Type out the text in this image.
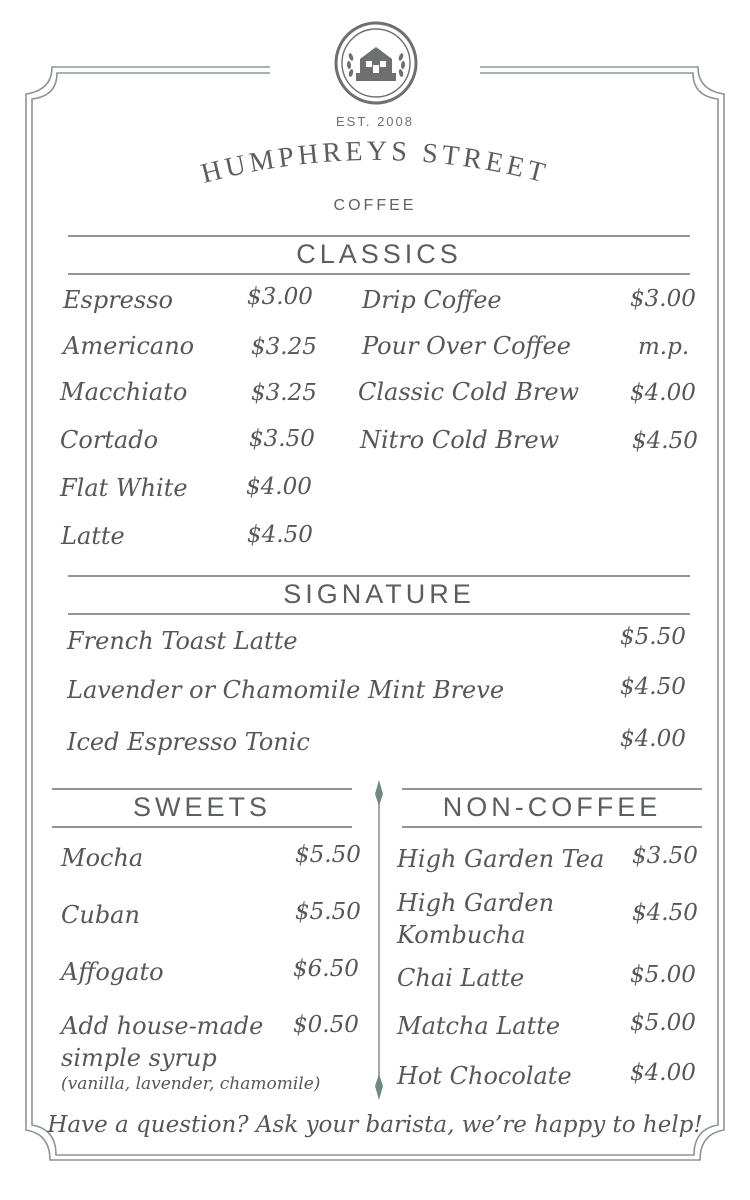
EST. 2008
HUMPHREYS STREET
COFFEE
CLASSICS
Espresso	$3.00
Americano $3.25
Macchiato	$3.25
Cortado	$3.50
Flat White	$4.00
Latte	$4.50
Drip Coffee	$3.00
Pour Over Coffee	m.p.
Classic Cold Brew $4.00
Nitro Cold Brew	$4.50
SIGNATURE
French Toast Latte	$5.50
Lavender or Chamomile Mint Breve	$4.50
Iced Espresso Tonic	$4.00
SWEETS
Mocha	$5.50
Cuban	$5.50
Affogato	$6.50
Add house-made
simple syrup
(vanilla, lavender, chamomile)
$0.50
NON-COFFEE
High Garden Tea $3.50
High Garden
Kombucha
$4.50
Chai Latte	$5.00
Matcha Latte	$5.00
Hot Chocolate	$4.00
Have a question? Ask your barista, we’re happy to help!
